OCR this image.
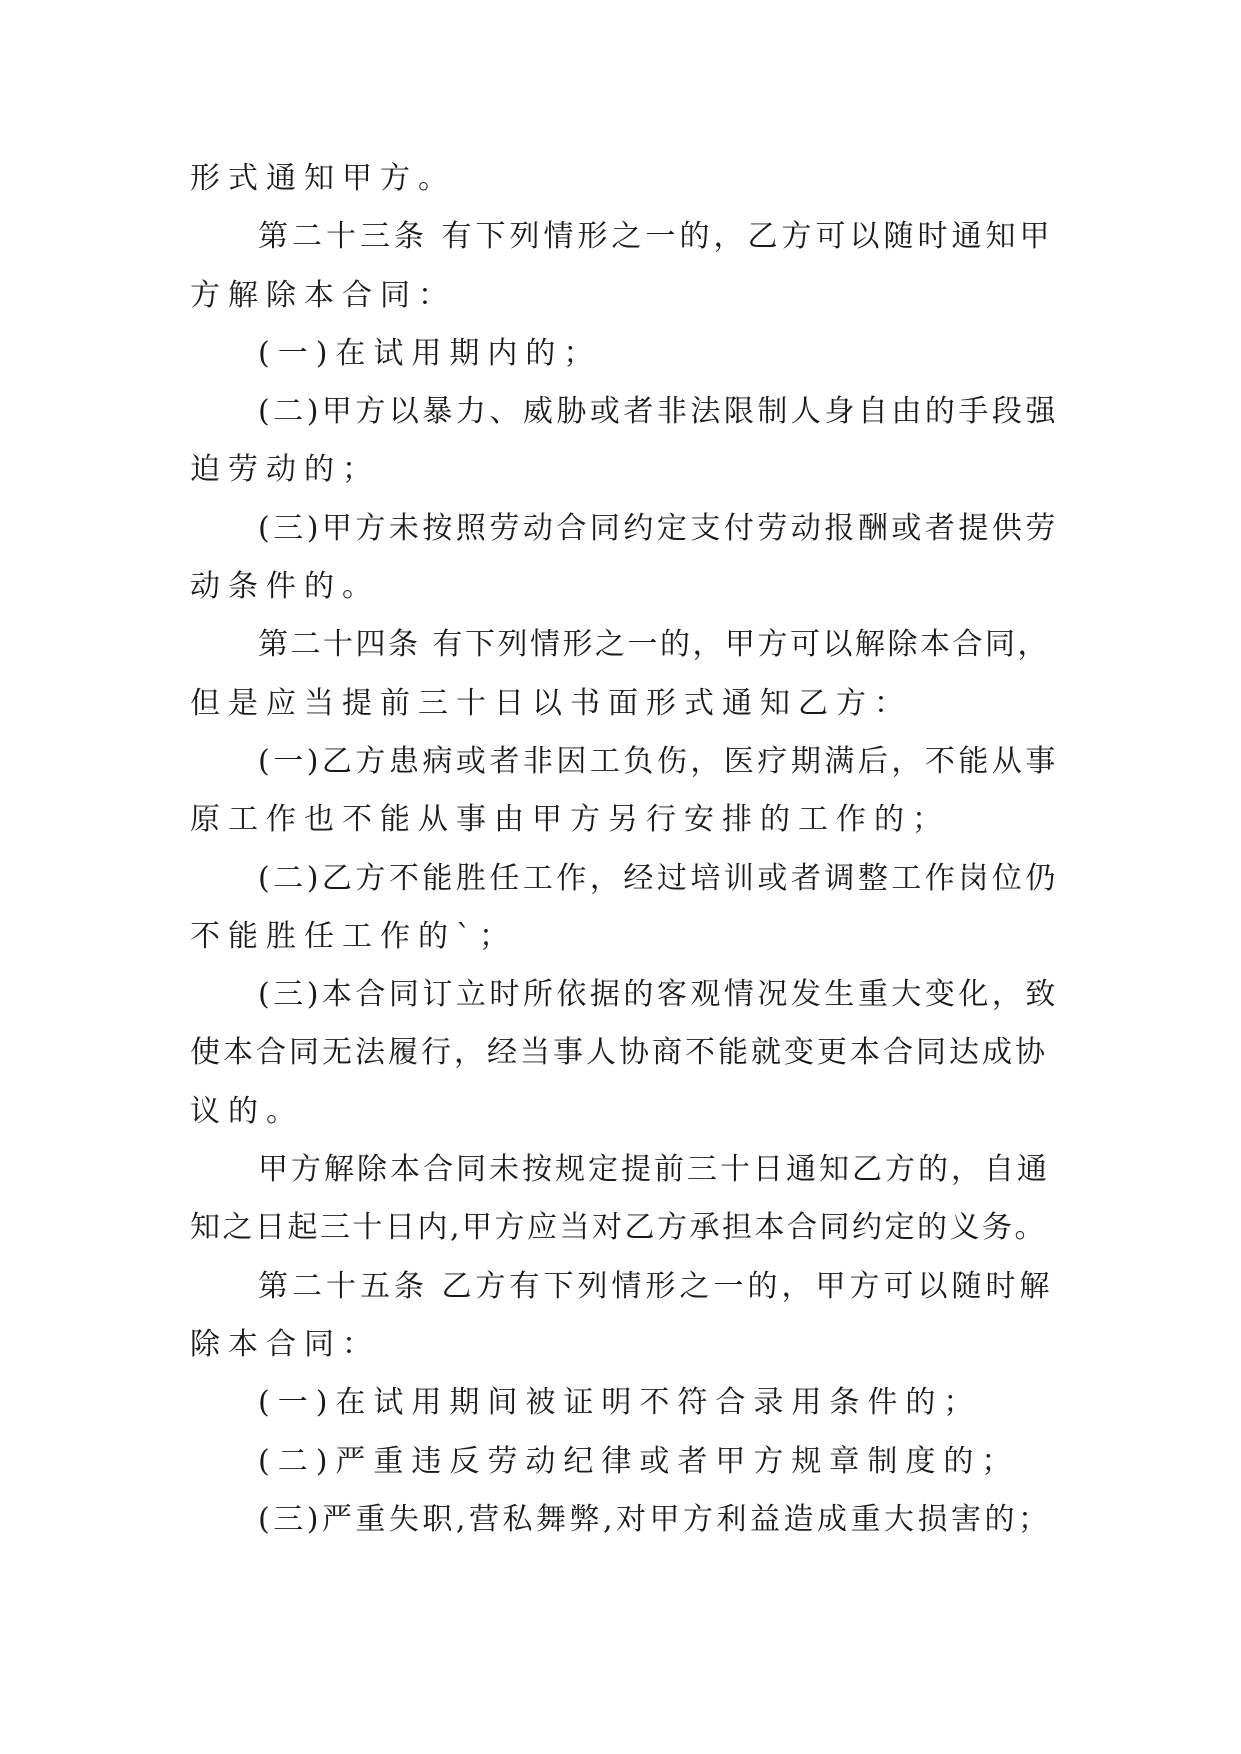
形式通知甲方。
第二十三条 有下列情形之一的，乙方可以随时通知甲
方解除本合同：
(一)在试用期内的；
(二)甲方以暴力、威胁或者非法限制人身自由的手段强
迫劳动的；
(三)甲方未按照劳动合同约定支付劳动报酬或者提供劳
动条件的。
第二十四条 有下列情形之一的，甲方可以解除本合同，
但是应当提前三十日以书面形式通知乙方：
(一)乙方患病或者非因工负伤，医疗期满后，不能从事
原工作也不能从事由甲方另行安排的工作的；
(二)乙方不能胜任工作，经过培训或者调整工作岗位仍
不能胜任工作的`；
(三)本合同订立时所依据的客观情况发生重大变化，致
使本合同无法履行，经当事人协商不能就变更本合同达成协
议的。
甲方解除本合同未按规定提前三十日通知乙方的，自通
知之日起三十日内,甲方应当对乙方承担本合同约定的义务。
第二十五条 乙方有下列情形之一的，甲方可以随时解
除本合同：
(一)在试用期间被证明不符合录用条件的；
(二)严重违反劳动纪律或者甲方规章制度的；
(三)严重失职,营私舞弊,对甲方利益造成重大损害的；
